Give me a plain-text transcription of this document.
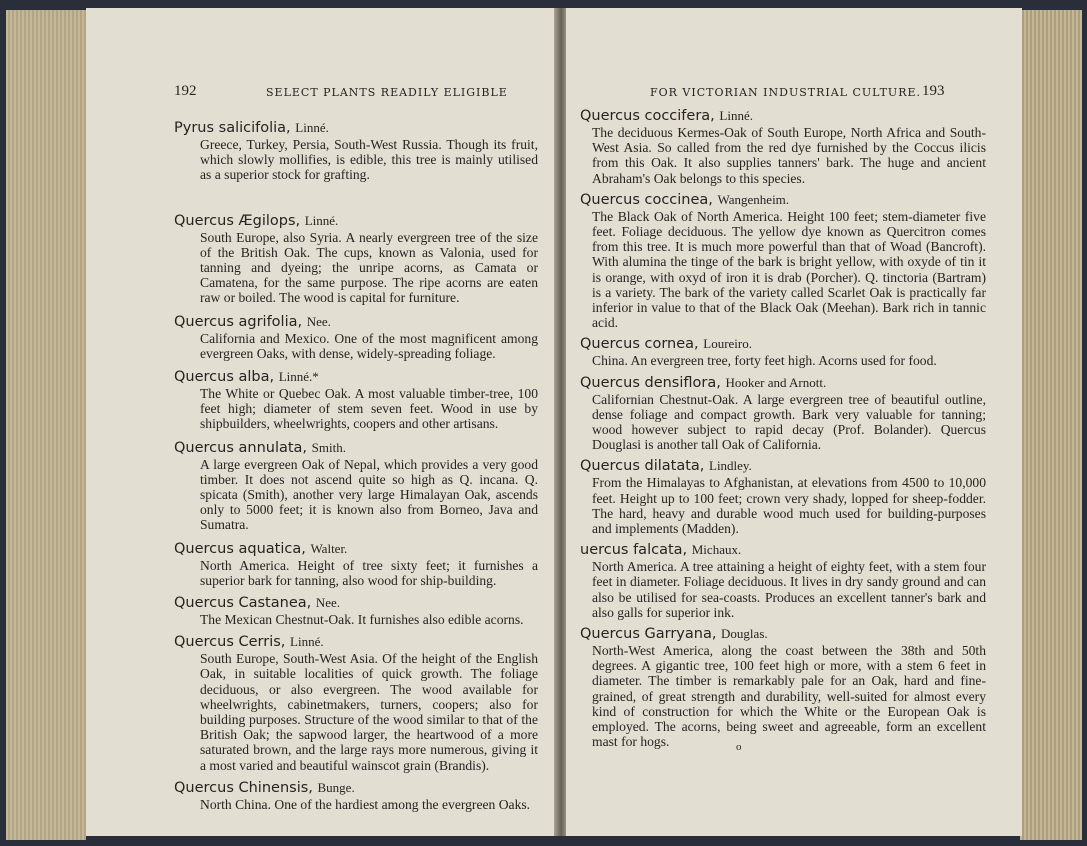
192	SELECT PLANTS READILY ELIGIBLE
Pyrus salicifolia, Linné.
Greece, Turkey, Persia, South-West Russia. Though its fruit, which slowly mollifies, is edible, this tree is mainly utilised as a superior stock for grafting.
Quercus Ægilops, Linné.
South Europe, also Syria. A nearly evergreen tree of the size of the British Oak. The cups, known as Valonia, used for tanning and dyeing; the unripe acorns, as Camata or Camatena, for the same purpose. The ripe acorns are eaten raw or boiled. The wood is capital for furniture.
Quercus agrifolia, Nee.
California and Mexico. One of the most magnificent among evergreen Oaks, with dense, widely-spreading foliage.
Quercus alba, Linné.*
The White or Quebec Oak. A most valuable timber-tree, 100 feet high; diameter of stem seven feet. Wood in use by shipbuilders, wheelwrights, coopers and other artisans.
Quercus annulata, Smith.
A large evergreen Oak of Nepal, which provides a very good timber. It does not ascend quite so high as Q. incana. Q. spicata (Smith), another very large Himalayan Oak, ascends only to 5000 feet; it is known also from Borneo, Java and Sumatra.
Quercus aquatica, Walter.
North America. Height of tree sixty feet; it furnishes a superior bark for tanning, also wood for ship-building.
Quercus Castanea, Nee.
The Mexican Chestnut-Oak. It furnishes also edible acorns.
Quercus Cerris, Linné.
South Europe, South-West Asia. Of the height of the English Oak, in suitable localities of quick growth. The foliage deciduous, or also evergreen. The wood available for wheelwrights, cabinetmakers, turners, coopers; also for building purposes. Structure of the wood similar to that of the British Oak; the sapwood larger, the heartwood of a more saturated brown, and the large rays more numerous, giving it a most varied and beautiful wainscot grain (Brandis).
Quercus Chinensis, Bunge.
North China. One of the hardiest among the evergreen Oaks.
FOR VICTORIAN INDUSTRIAL CULTURE. 193
Quercus coccifera, Linné.
The deciduous Kermes-Oak of South Europe, North Africa and South-West Asia. So called from the red dye furnished by the Coccus ilicis from this Oak. It also supplies tanners' bark. The huge and ancient Abraham's Oak belongs to this species.
Quercus coccinea, Wangenheim.
The Black Oak of North America. Height 100 feet; stem-diameter five feet. Foliage deciduous. The yellow dye known as Quercitron comes from this tree. It is much more powerful than that of Woad (Bancroft). With alumina the tinge of the bark is bright yellow, with oxyde of tin it is orange, with oxyd of iron it is drab (Porcher). Q. tinctoria (Bartram) is a variety. The bark of the variety called Scarlet Oak is practically far inferior in value to that of the Black Oak (Meehan). Bark rich in tannic acid.
Quercus cornea, Loureiro.
China. An evergreen tree, forty feet high. Acorns used for food.
Quercus densiflora, Hooker and Arnott.
Californian Chestnut-Oak. A large evergreen tree of beautiful outline, dense foliage and compact growth. Bark very valuable for tanning; wood however subject to rapid decay (Prof. Bolander). Quercus Douglasi is another tall Oak of California.
Quercus dilatata, Lindley.
From the Himalayas to Afghanistan, at elevations from 4500 to 10,000 feet. Height up to 100 feet; crown very shady, lopped for sheep-fodder. The hard, heavy and durable wood much used for building-purposes and implements (Madden).
uercus falcata, Michaux.
North America. A tree attaining a height of eighty feet, with a stem four feet in diameter. Foliage deciduous. It lives in dry sandy ground and can also be utilised for sea-coasts. Produces an excellent tanner's bark and also galls for superior ink.
Quercus Garryana, Douglas.
North-West America, along the coast between the 38th and 50th degrees. A gigantic tree, 100 feet high or more, with a stem 6 feet in diameter. The timber is remarkably pale for an Oak, hard and fine-grained, of great strength and durability, well-suited for almost every kind of construction for which the White or the European Oak is employed. The acorns, being sweet and agreeable, form an excellent mast for hogs.	o
